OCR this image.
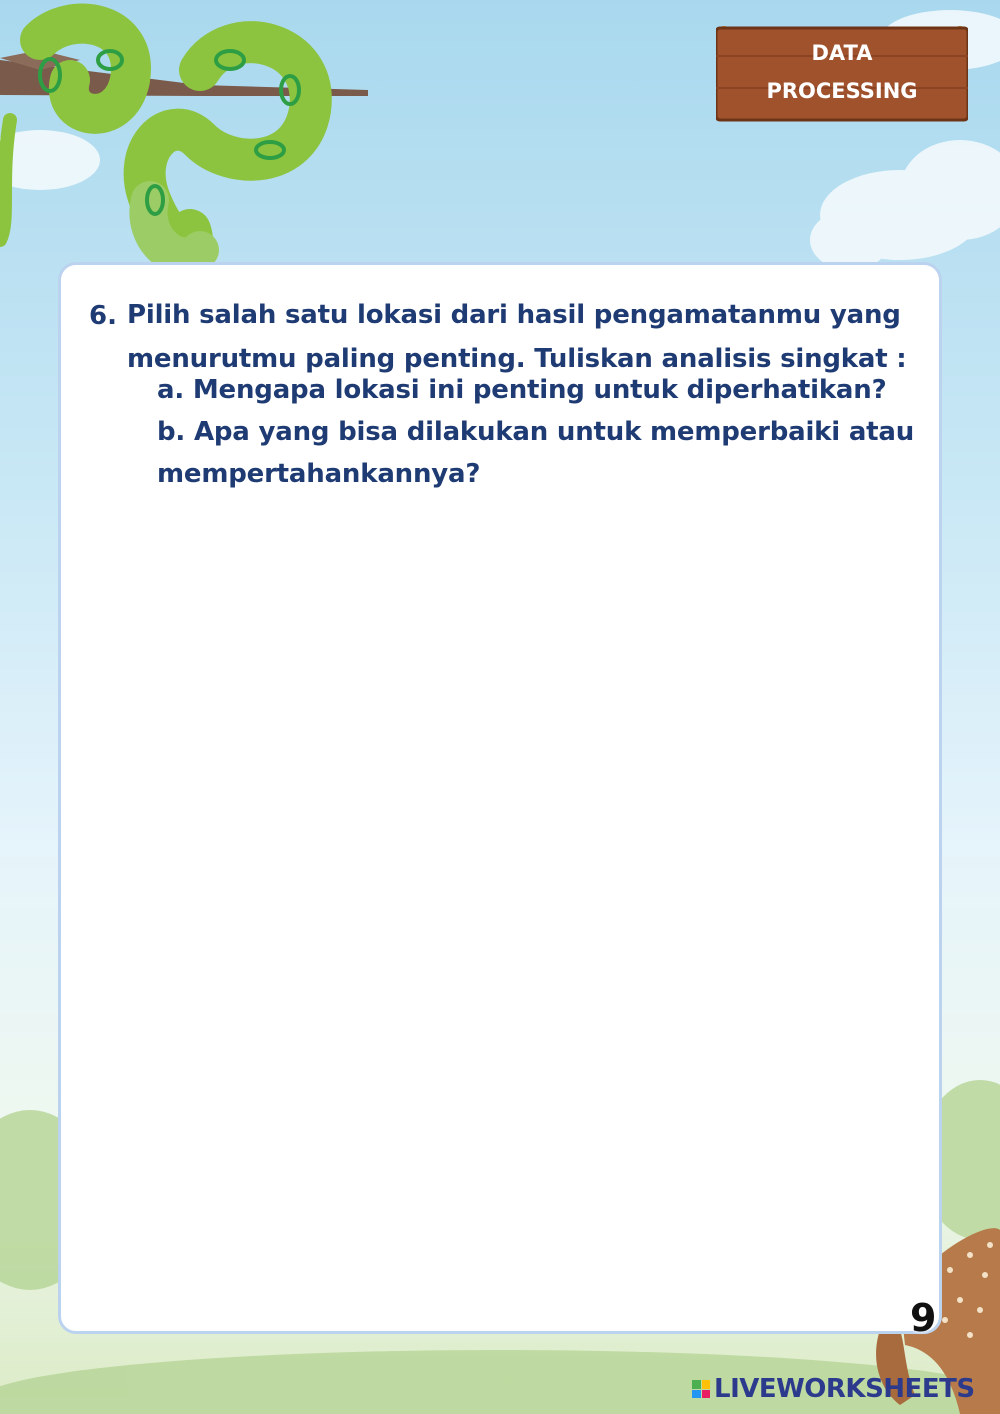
DATA
PROCESSING
6. Pilih salah satu lokasi dari hasil pengamatanmu yang menurutmu paling penting. Tuliskan analisis singkat :
a. Mengapa lokasi ini penting untuk diperhatikan?
b. Apa yang bisa dilakukan untuk memperbaiki atau mempertahankannya?
9
LIVEWORKSHEETS
